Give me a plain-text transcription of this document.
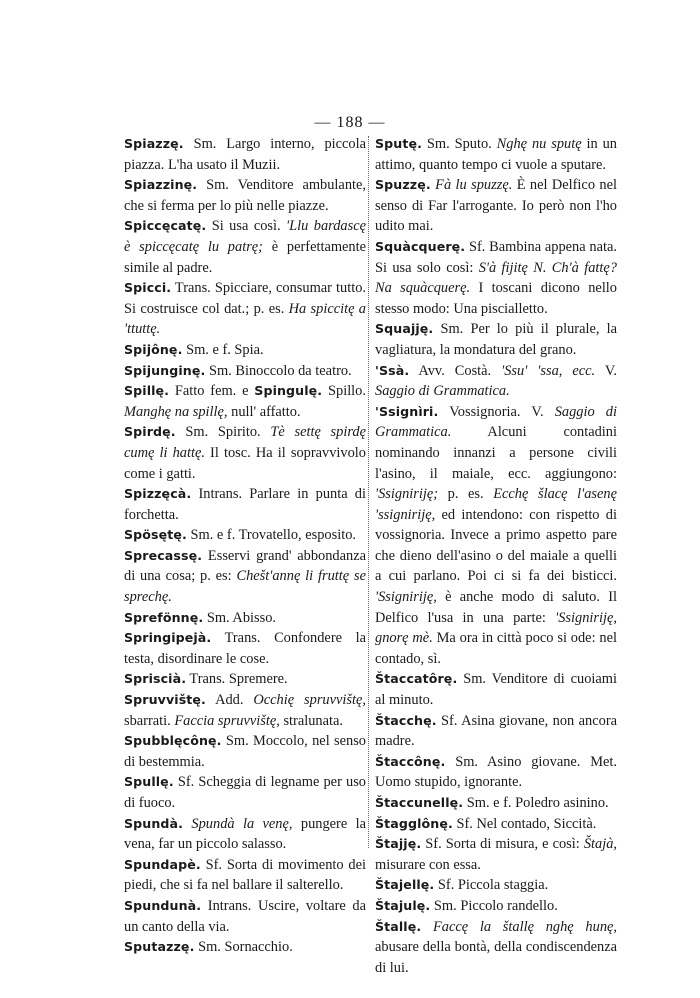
— 188 —

Spiazzę. Sm. Largo interno, piccola piazza. L'ha usato il Muzii.

Spiazzinę. Sm. Venditore ambulante, che si ferma per lo più nelle piazze.

Spiccęcatę. Si usa così. 'Llu bardascę è spiccęcatę lu patrę; è perfettamente simile al padre.

Spicci. Trans. Spicciare, consumar tutto. Si costruisce col dat.; p. es. Ha spiccitę a 'ttuttę.

Spijônę. Sm. e f. Spia.

Spijunginę. Sm. Binoccolo da teatro.

Spillę. Fatto fem. e Spingulę. Spillo. Manghę na spillę, null' affatto.

Spirdę. Sm. Spirito. Tè settę spirdę cumę li hattę. Il tosc. Ha il sopravvivolo come i gatti.

Spizzęcà. Intrans. Parlare in punta di forchetta.

Spösętę. Sm. e f. Trovatello, esposito.

Sprecassę. Esservi grand' abbondanza di una cosa; p. es: Chešt'annę li fruttę se sprechę.

Sprefönnę. Sm. Abisso.

Springipejà. Trans. Confondere la testa, disordinare le cose.

Spriscià. Trans. Spremere.

Spruvvištę. Add. Occhię spruvvištę, sbarrati. Faccia spruvvištę, stralunata.

Spubblęcônę. Sm. Moccolo, nel senso di bestemmia.

Spullę. Sf. Scheggia di legname per uso di fuoco.

Spundà. Spundà la venę, pungere la vena, far un piccolo salasso.

Spundapè. Sf. Sorta di movimento dei piedi, che si fa nel ballare il salterello.

Spundunà. Intrans. Uscire, voltare da un canto della via.

Sputazzę. Sm. Sornacchio.

Sputę. Sm. Sputo. Nghę nu sputę in un attimo, quanto tempo ci vuole a sputare.

Spuzzę. Fà lu spuzzę. È nel Delfico nel senso di Far l'arrogante. Io però non l'ho udito mai.

Squàcquerę. Sf. Bambina appena nata. Si usa solo così: S'à fijitę N. Ch'à fattę? Na squàcquerę. I toscani dicono nello stesso modo: Una piscialletto.

Squajję. Sm. Per lo più il plurale, la vagliatura, la mondatura del grano.

'Ssà. Avv. Costà. 'Ssu' 'ssa, ecc. V. Saggio di Grammatica.

'Ssignìri. Vossignoria. V. Saggio di Grammatica. Alcuni contadini nominando innanzi a persone civili l'asino, il maiale, ecc. aggiungono: 'Ssigniriję; p. es. Ecchę šlacę l'asenę 'ssigniriję, ed intendono: con rispetto di vossignoria. Invece a primo aspetto pare che dieno dell'asino o del maiale a quelli a cui parlano. Poi ci si fa dei bisticci. 'Ssigniriję, è anche modo di saluto. Il Delfico l'usa in una parte: 'Ssigniriję, gnorę mè. Ma ora in città poco si ode: nel contado, sì.

Štaccatôrę. Sm. Venditore di cuoiami al minuto.

Štacchę. Sf. Asina giovane, non ancora madre.

Štaccônę. Sm. Asino giovane. Met. Uomo stupido, ignorante.

Štaccunellę. Sm. e f. Poledro asinino.

Štagglônę. Sf. Nel contado, Siccità.

Štajję. Sf. Sorta di misura, e così: Štajà, misurare con essa.

Štajellę. Sf. Piccola staggia.

Štajulę. Sm. Piccolo randello.

Štallę. Faccę la štallę nghę hunę, abusare della bontà, della condiscendenza di lui.
